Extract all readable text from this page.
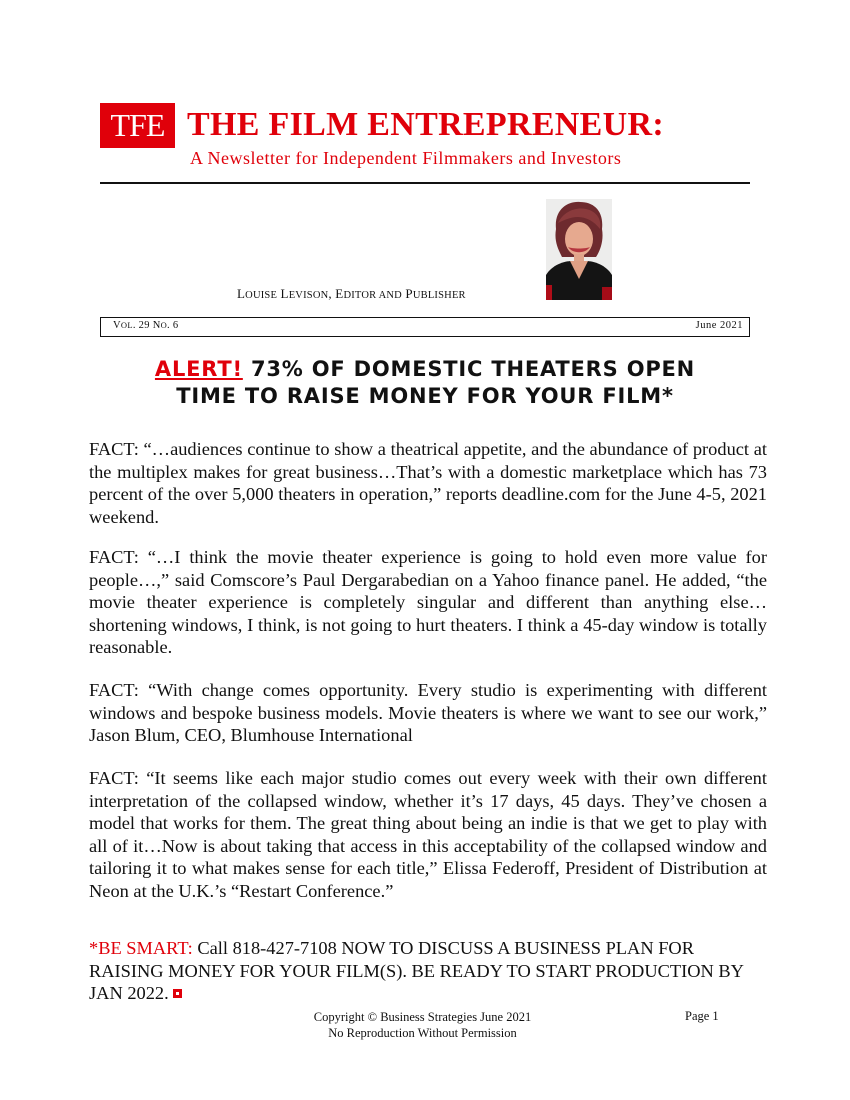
TFE THE FILM ENTREPRENEUR:
A Newsletter for Independent Filmmakers and Investors
LOUISE LEVISON, EDITOR AND PUBLISHER
VOL. 29 NO. 6	June 2021
ALERT! 73% OF DOMESTIC THEATERS OPEN
TIME TO RAISE MONEY FOR YOUR FILM*
FACT: “…audiences continue to show a theatrical appetite, and the abundance of product at the multiplex makes for great business…That’s with a domestic marketplace which has 73 percent of the over 5,000 theaters in operation,” reports deadline.com for the June 4-5, 2021 weekend.
FACT: “…I think the movie theater experience is going to hold even more value for people…,” said Comscore’s Paul Dergarabedian on a Yahoo finance panel. He added, “the movie theater experience is completely singular and different than anything else…shortening windows, I think, is not going to hurt theaters. I think a 45-day window is totally reasonable.
FACT: “With change comes opportunity. Every studio is experimenting with different windows and bespoke business models. Movie theaters is where we want to see our work,” Jason Blum, CEO, Blumhouse International
FACT: “It seems like each major studio comes out every week with their own different interpretation of the collapsed window, whether it’s 17 days, 45 days. They’ve chosen a model that works for them. The great thing about being an indie is that we get to play with all of it…Now is about taking that access in this acceptability of the collapsed window and tailoring it to what makes sense for each title,” Elissa Federoff, President of Distribution at Neon at the U.K.’s “Restart Conference.”
*BE SMART: Call 818-427-7108 NOW TO DISCUSS A BUSINESS PLAN FOR RAISING MONEY FOR YOUR FILM(S). BE READY TO START PRODUCTION BY JAN 2022.
Copyright © Business Strategies June 2021
No Reproduction Without Permission
Page 1
